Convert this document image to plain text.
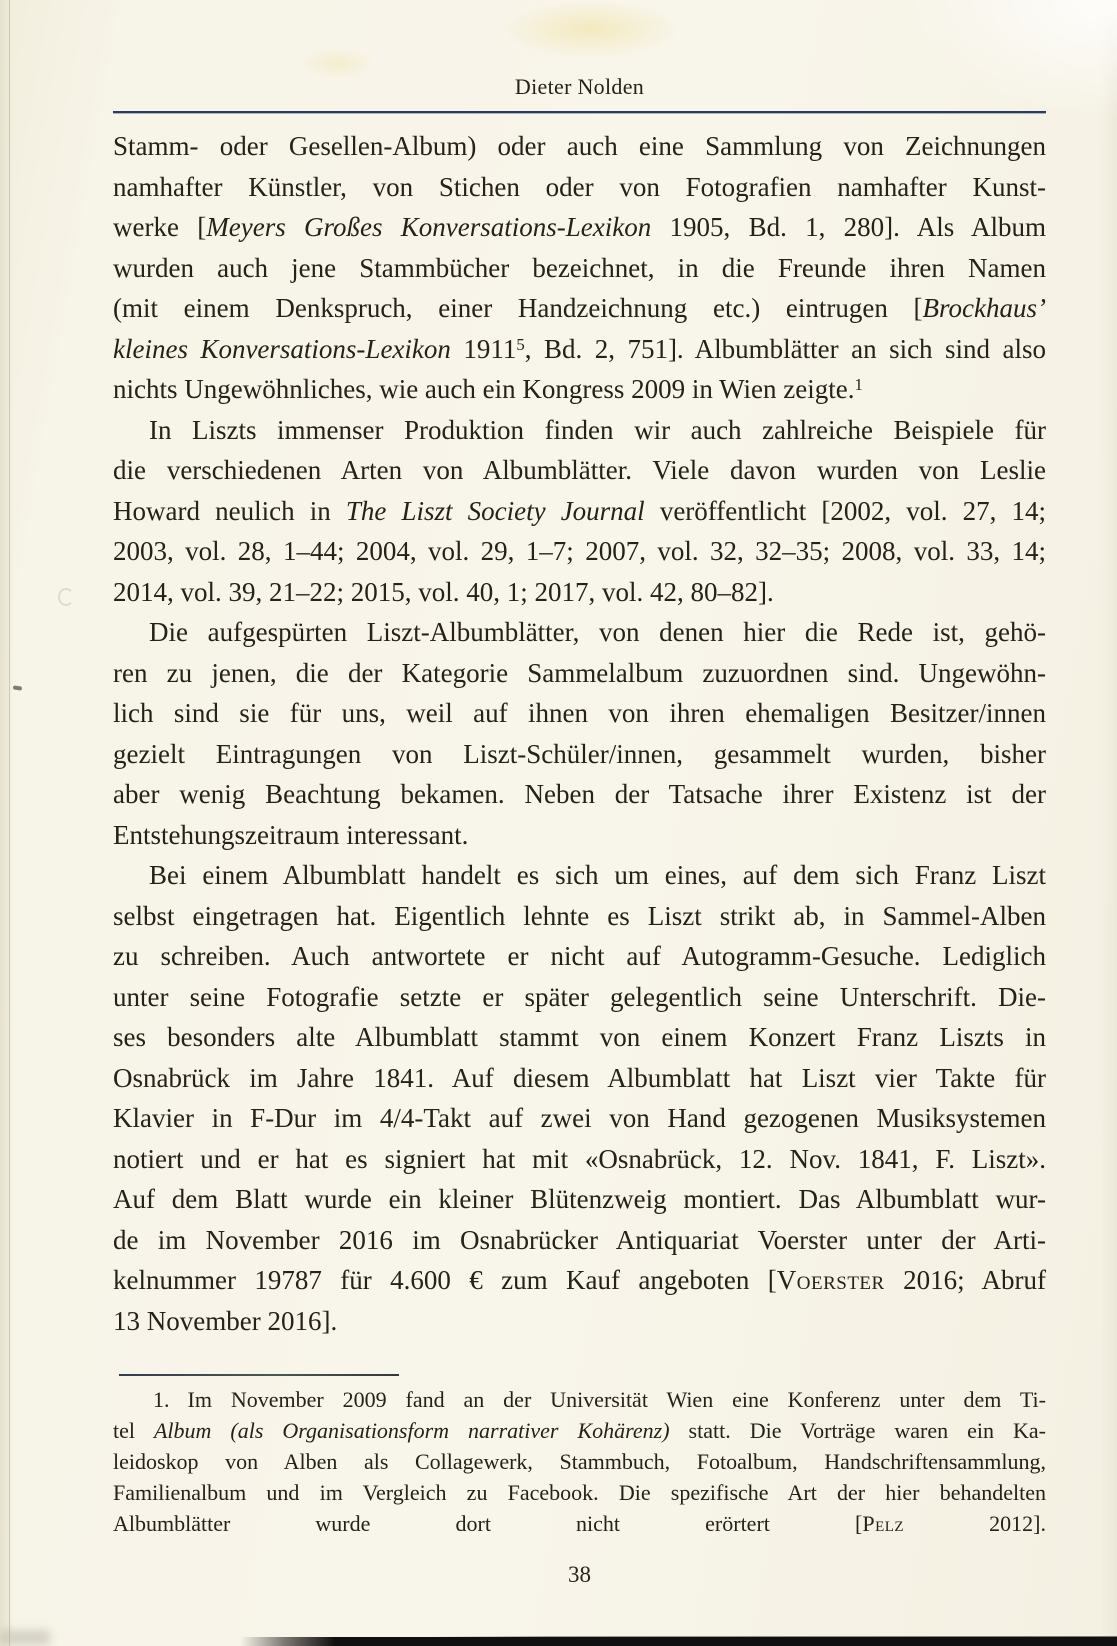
Dieter Nolden
Stamm- oder Gesellen-Album) oder auch eine Sammlung von Zeichnungen
namhafter Künstler, von Stichen oder von Fotografien namhafter Kunst-
werke [Meyers Großes Konversations-Lexikon 1905, Bd. 1, 280]. Als Album
wurden auch jene Stammbücher bezeichnet, in die Freunde ihren Namen
(mit einem Denkspruch, einer Handzeichnung etc.) eintrugen [Brockhaus’
kleines Konversations-Lexikon 1911$^5$, Bd. 2, 751]. Albumblätter an sich sind also
nichts Ungewöhnliches, wie auch ein Kongress 2009 in Wien zeigte.$^1$
In Liszts immenser Produktion finden wir auch zahlreiche Beispiele für
die verschiedenen Arten von Albumblätter. Viele davon wurden von Leslie
Howard neulich in The Liszt Society Journal veröffentlicht [2002, vol. 27, 14;
2003, vol. 28, 1–44; 2004, vol. 29, 1–7; 2007, vol. 32, 32–35; 2008, vol. 33, 14;
2014, vol. 39, 21–22; 2015, vol. 40, 1; 2017, vol. 42, 80–82].
Die aufgespürten Liszt-Albumblätter, von denen hier die Rede ist, gehö-
ren zu jenen, die der Kategorie Sammelalbum zuzuordnen sind. Ungewöhn-
lich sind sie für uns, weil auf ihnen von ihren ehemaligen Besitzer/innen
gezielt Eintragungen von Liszt-Schüler/innen, gesammelt wurden, bisher
aber wenig Beachtung bekamen. Neben der Tatsache ihrer Existenz ist der
Entstehungszeitraum interessant.
Bei einem Albumblatt handelt es sich um eines, auf dem sich Franz Liszt
selbst eingetragen hat. Eigentlich lehnte es Liszt strikt ab, in Sammel-Alben
zu schreiben. Auch antwortete er nicht auf Autogramm-Gesuche. Lediglich
unter seine Fotografie setzte er später gelegentlich seine Unterschrift. Die-
ses besonders alte Albumblatt stammt von einem Konzert Franz Liszts in
Osnabrück im Jahre 1841. Auf diesem Albumblatt hat Liszt vier Takte für
Klavier in F-Dur im 4/4-Takt auf zwei von Hand gezogenen Musiksystemen
notiert und er hat es signiert hat mit «Osnabrück, 12. Nov. 1841, F. Liszt».
Auf dem Blatt wurde ein kleiner Blütenzweig montiert. Das Albumblatt wur-
de im November 2016 im Osnabrücker Antiquariat Voerster unter der Arti-
kelnummer 19787 für 4.600 € zum Kauf angeboten [Voerster 2016; Abruf
13 November 2016].
1. Im November 2009 fand an der Universität Wien eine Konferenz unter dem Ti-
tel Album (als Organisationsform narrativer Kohärenz) statt. Die Vorträge waren ein Ka-
leidoskop von Alben als Collagewerk, Stammbuch, Fotoalbum, Handschriftensammlung,
Familienalbum und im Vergleich zu Facebook. Die spezifische Art der hier behandelten
Albumblätter wurde dort nicht erörtert [Pelz 2012].
38
